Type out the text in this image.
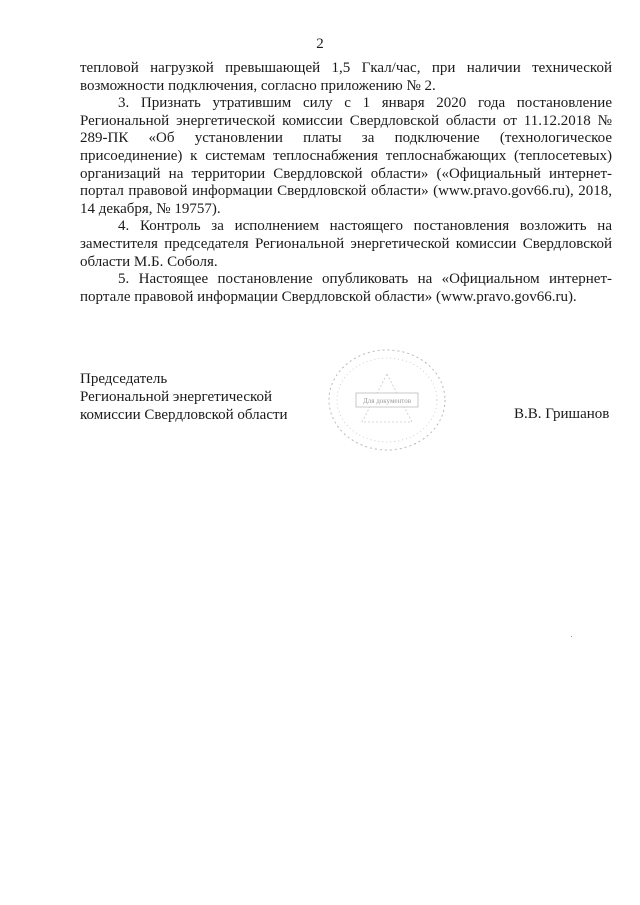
2

тепловой нагрузкой превышающей 1,5 Гкал/час, при наличии технической возможности подключения, согласно приложению № 2.

3. Признать утратившим силу с 1 января 2020 года постановление Региональной энергетической комиссии Свердловской области от 11.12.2018 № 289-ПК «Об установлении платы за подключение (технологическое присоединение) к системам теплоснабжения теплоснабжающих (теплосетевых) организаций на территории Свердловской области» («Официальный интернет-портал правовой информации Свердловской области» (www.pravo.gov66.ru), 2018, 14 декабря, № 19757).

4. Контроль за исполнением настоящего постановления возложить на заместителя председателя Региональной энергетической комиссии Свердловской области М.Б. Соболя.

5. Настоящее постановление опубликовать на «Официальном интернет-портале правовой информации Свердловской области» (www.pravo.gov66.ru).

Председатель
Региональной энергетической
комиссии Свердловской области
Для документов
В.В. Гришанов
